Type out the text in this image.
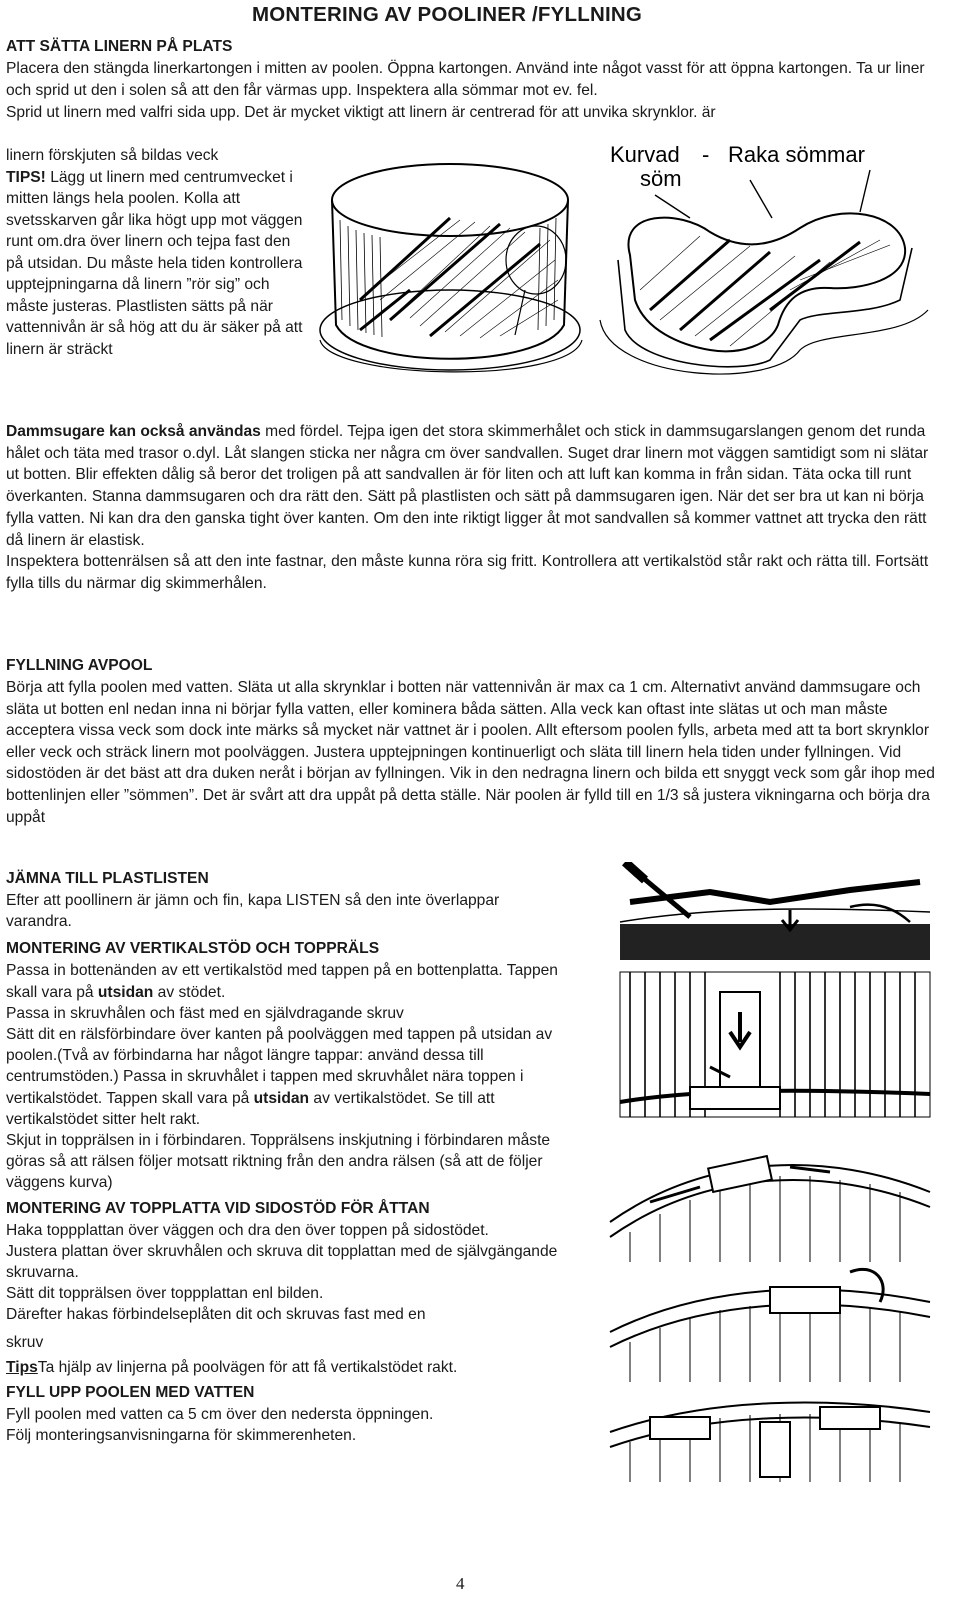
MONTERING AV POOLINER /FYLLNING

ATT SÄTTA LINERN PÅ PLATS

Placera den stängda linerkartongen i mitten av poolen. Öppna kartongen. Använd inte något vasst för att öppna kartongen. Ta ur liner och sprid ut den i solen så att den får värmas upp. Inspektera alla sömmar mot ev. fel.

Sprid ut linern med valfri sida upp. Det är mycket viktigt att linern är centrerad för att unvika skrynklor. är

linern förskjuten så bildas veck

TIPS! Lägg ut linern med centrumvecket i mitten längs hela poolen. Kolla att svetsskarven går lika högt upp mot väggen runt om.dra över linern och tejpa fast den på utsidan. Du måste hela tiden kontrollera upptejpningarna då linern ”rör sig” och måste justeras. Plastlisten sätts på när vattennivån är så hög att du är säker på att linern är sträckt

Kurvad
söm
- Raka sömmar

Dammsugare kan också användas med fördel. Tejpa igen det stora skimmerhålet och stick in dammsugarslangen genom det runda hålet och täta med trasor o.dyl. Låt slangen sticka ner några cm över sandvallen. Suget drar linern mot väggen samtidigt som ni slätar ut botten. Blir effekten dålig så beror det troligen på att sandvallen är för liten och att luft kan komma in från sidan. Täta ocka till runt överkanten. Stanna dammsugaren och dra rätt den. Sätt på plastlisten och sätt på dammsugaren igen. När det ser bra ut kan ni börja fylla vatten. Ni kan dra den ganska tight över kanten. Om den inte riktigt ligger åt mot sandvallen så kommer vattnet att trycka den rätt då linern är elastisk.

Inspektera bottenrälsen så att den inte fastnar, den måste kunna röra sig fritt. Kontrollera att vertikalstöd står rakt och rätta till. Fortsätt fylla tills du närmar dig skimmerhålen.

FYLLNING AVPOOL

Börja att fylla poolen med vatten. Släta ut alla skrynklar i botten när vattennivån är max ca 1 cm. Alternativt använd dammsugare och släta ut botten enl nedan inna ni börjar fylla vatten, eller kominera båda sätten. Alla veck kan oftast inte slätas ut och man måste acceptera vissa veck som dock inte märks så mycket när vattnet är i poolen. Allt eftersom poolen fylls, arbeta med att ta bort skrynklor eller veck och sträck linern mot poolväggen. Justera upptejpningen kontinuerligt och släta till linern hela tiden under fyllningen. Vid sidostöden är det bäst att dra duken neråt i början av fyllningen. Vik in den nedragna linern och bilda ett snyggt veck som går ihop med bottenlinjen eller ”sömmen”. Det är svårt att dra uppåt på detta ställe. När poolen är fylld till en 1/3 så justera vikningarna och börja dra uppåt

JÄMNA TILL PLASTLISTEN

Efter att poollinern är jämn och fin, kapa LISTEN så den inte överlappar varandra.

MONTERING AV VERTIKALSTÖD OCH TOPPRÄLS

Passa in bottenänden av ett vertikalstöd med tappen på en bottenplatta. Tappen skall vara på utsidan av stödet.

Passa in skruvhålen och fäst med en självdragande skruv

Sätt dit en rälsförbindare över kanten på poolväggen med tappen på utsidan av poolen.(Två av förbindarna har något längre tappar: använd dessa till centrumstöden.) Passa in skruvhålet i tappen med skruvhålet nära toppen i vertikalstödet. Tappen skall vara på utsidan av vertikalstödet. Se till att vertikalstödet sitter helt rakt.

Skjut in topprälsen in i förbindaren. Topprälsens inskjutning i förbindaren måste göras så att rälsen följer motsatt riktning från den andra rälsen (så att de följer väggens kurva)

MONTERING AV TOPPLATTA VID SIDOSTÖD FÖR ÅTTAN

Haka toppplattan över väggen och dra den över toppen på sidostödet.

Justera plattan över skruvhålen och skruva dit topplattan med de självgängande skruvarna.

Sätt dit topprälsen över toppplattan enl bilden.

Därefter hakas förbindelseplåten dit och skruvas fast med en

skruv

TipsTa hjälp av linjerna på poolvägen för att få vertikalstödet rakt.

FYLL UPP POOLEN MED VATTEN

Fyll poolen med vatten ca 5 cm över den nedersta öppningen.

Följ monteringsanvisningarna för skimmerenheten.

4
